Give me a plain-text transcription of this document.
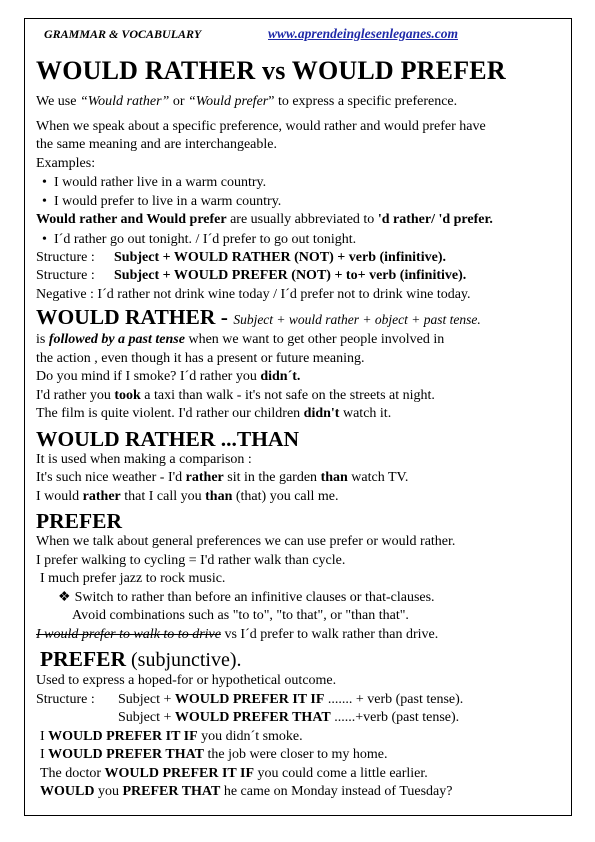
GRAMMAR & VOCABULARY	www.aprendeinglesenleganes.com
WOULD RATHER vs WOULD PREFER
We use “Would rather” or “Would prefer” to express a specific preference.
When we speak about a specific preference, would rather and would prefer have
the same meaning and are interchangeable.
Examples:
• I would rather live in a warm country.
• I would prefer to live in a warm country.
Would rather and Would prefer are usually abbreviated to 'd rather/ 'd prefer.
• I´d rather go out tonight. / I´d prefer to go out tonight.
Structure : Subject + WOULD RATHER (NOT) + verb (infinitive).
Structure : Subject + WOULD PREFER (NOT) + to+ verb (infinitive).
Negative : I´d rather not drink wine today / I´d prefer not to drink wine today.
WOULD RATHER - Subject + would rather + object + past tense.
is followed by a past tense when we want to get other people involved in
the action , even though it has a present or future meaning.
Do you mind if I smoke? I´d rather you didn´t.
I'd rather you took a taxi than walk - it's not safe on the streets at night.
The film is quite violent. I'd rather our children didn't watch it.
WOULD RATHER ...THAN
It is used when making a comparison :
It's such nice weather - I'd rather sit in the garden than watch TV.
I would rather that I call you than (that) you call me.
PREFER
When we talk about general preferences we can use prefer or would rather.
I prefer walking to cycling = I'd rather walk than cycle.
I much prefer jazz to rock music.
❖ Switch to rather than before an infinitive clauses or that-clauses.
Avoid combinations such as "to to", "to that", or "than that".
I would prefer to walk to to drive vs I´d prefer to walk rather than drive.
PREFER (subjunctive).
Used to express a hoped-for or hypothetical outcome.
Structure : Subject + WOULD PREFER IT IF ....... + verb (past tense).
Subject + WOULD PREFER THAT ......+verb (past tense).
I WOULD PREFER IT IF you didn´t smoke.
I WOULD PREFER THAT the job were closer to my home.
The doctor WOULD PREFER IT IF you could come a little earlier.
WOULD you PREFER THAT he came on Monday instead of Tuesday?
